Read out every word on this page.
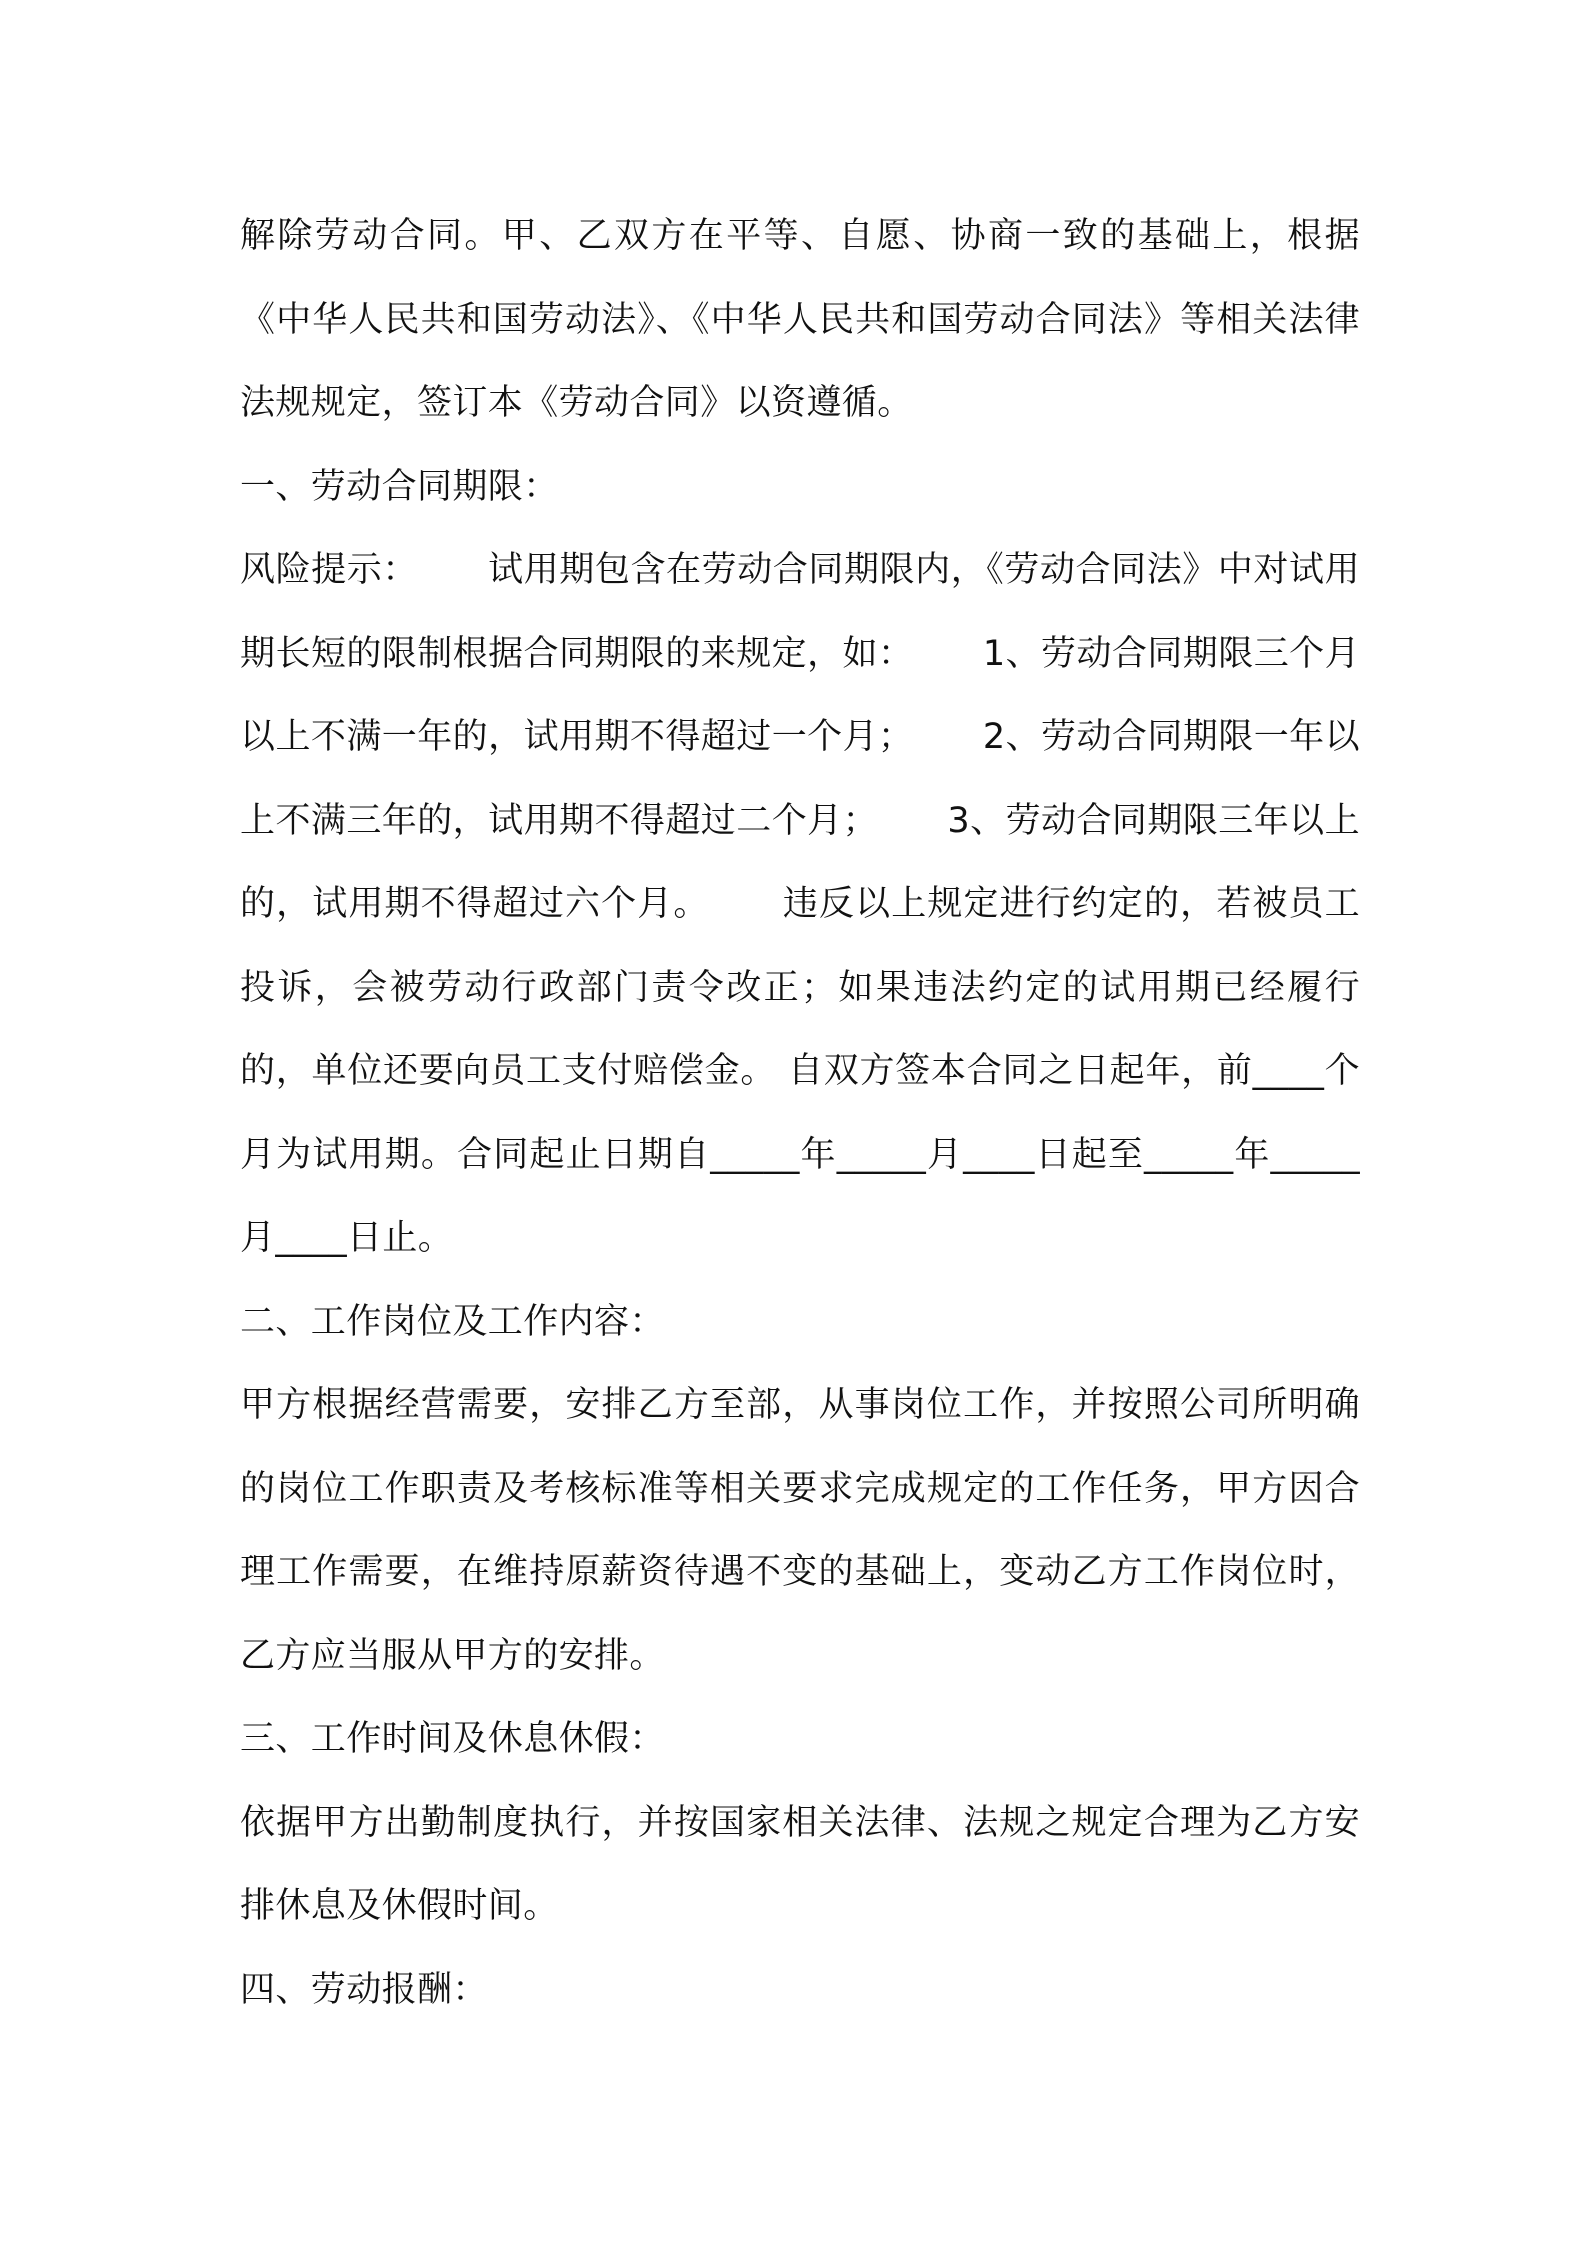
解除劳动合同。甲、乙双方在平等、自愿、协商一致的基础上，根据《中华人民共和国劳动法》、《中华人民共和国劳动合同法》等相关法律法规规定，签订本《劳动合同》以资遵循。

一、劳动合同期限：

风险提示：      试用期包含在劳动合同期限内，《劳动合同法》中对试用期长短的限制根据合同期限的来规定，如：      1、劳动合同期限三个月以上不满一年的，试用期不得超过一个月；      2、劳动合同期限一年以上不满三年的，试用期不得超过二个月；      3、劳动合同期限三年以上的，试用期不得超过六个月。      违反以上规定进行约定的，若被员工投诉，会被劳动行政部门责令改正；如果违法约定的试用期已经履行的，单位还要向员工支付赔偿金。 自双方签本合同之日起年，前____个月为试用期。合同起止日期自_____年_____月____日起至_____年_____月____日止。

二、工作岗位及工作内容：

甲方根据经营需要，安排乙方至部，从事岗位工作，并按照公司所明确的岗位工作职责及考核标准等相关要求完成规定的工作任务，甲方因合理工作需要，在维持原薪资待遇不变的基础上，变动乙方工作岗位时，乙方应当服从甲方的安排。

三、工作时间及休息休假：

依据甲方出勤制度执行，并按国家相关法律、法规之规定合理为乙方安排休息及休假时间。

四、劳动报酬：
